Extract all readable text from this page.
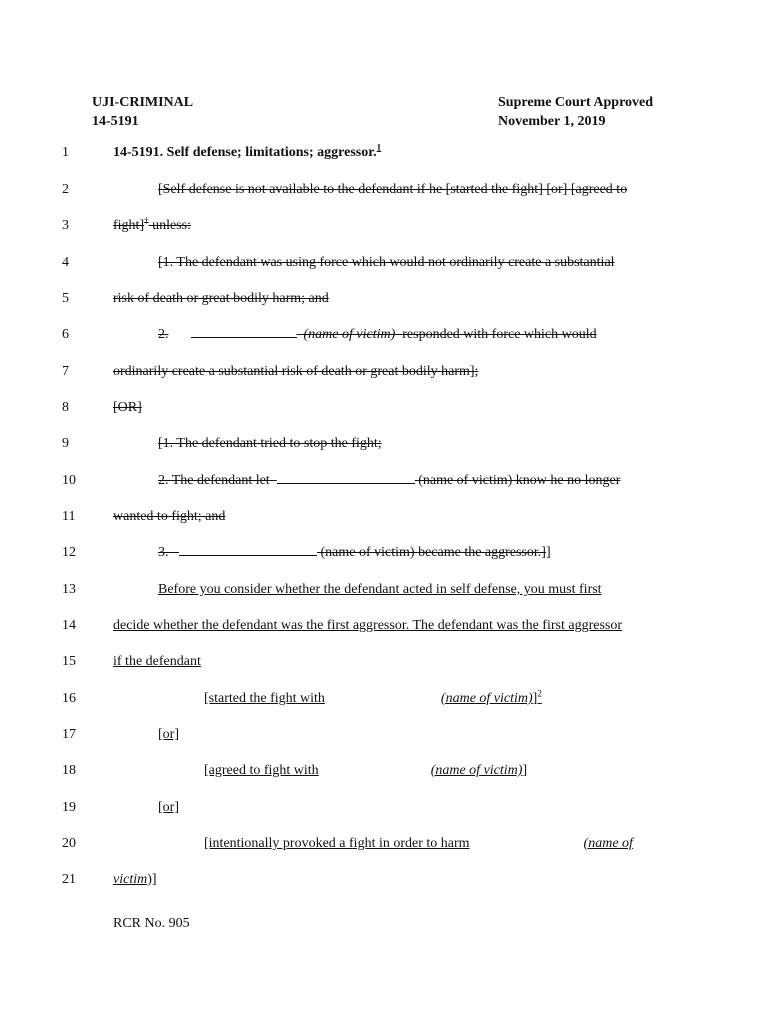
UJI-CRIMINAL
14-5191
Supreme Court Approved
November 1, 2019
1	14-5191. Self defense; limitations; aggressor.$^1$
2	[Self defense is not available to the defendant if he [started the fight] [or] [agreed to
3	fight]† unless:
4	[1. The defendant was using force which would not ordinarily create a substantial
5	risk of death or great bodily harm; and
6	2.	(name of victim) responded with force which would
7	ordinarily create a substantial risk of death or great bodily harm];
8	[OR]
9	[1. The defendant tried to stop the fight;
10	2. The defendant let	(name of victim) know he no longer
11	wanted to fight; and
12	3.	(name of victim) became the aggressor.]]
13	Before you consider whether the defendant acted in self defense, you must first
14	decide whether the defendant was the first aggressor. The defendant was the first aggressor
15	if the defendant
16	[started the fight with	(name of victim)]$^2$
17	[or]
18	[agreed to fight with	(name of victim)]
19	[or]
20	[intentionally provoked a fight in order to harm	(name of
21	victim)]
RCR No. 905
